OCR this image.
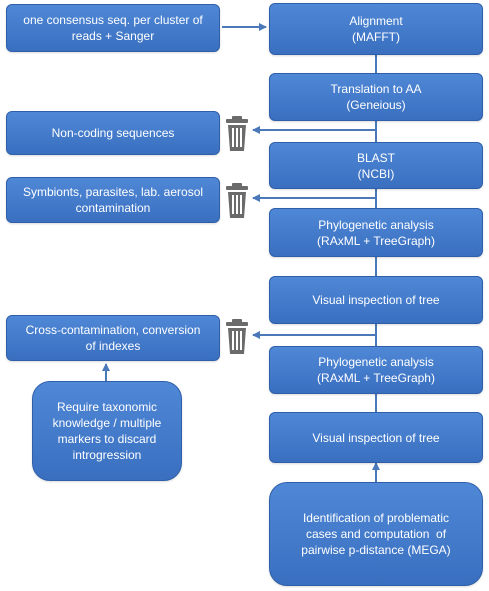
one consensus seq. per cluster of
reads + Sanger
Non-coding sequences
Symbionts, parasites, lab. aerosol
contamination
Cross-contamination, conversion
of indexes
Require taxonomic
knowledge / multiple
markers to discard
introgression
Alignment
(MAFFT)
Translation to AA
(Geneious)
BLAST
(NCBI)
Phylogenetic analysis
(RAxML + TreeGraph)
Visual inspection of tree
Phylogenetic analysis
(RAxML + TreeGraph)
Visual inspection of tree
Identification of problematic
cases and computation  of
pairwise p-distance (MEGA)
